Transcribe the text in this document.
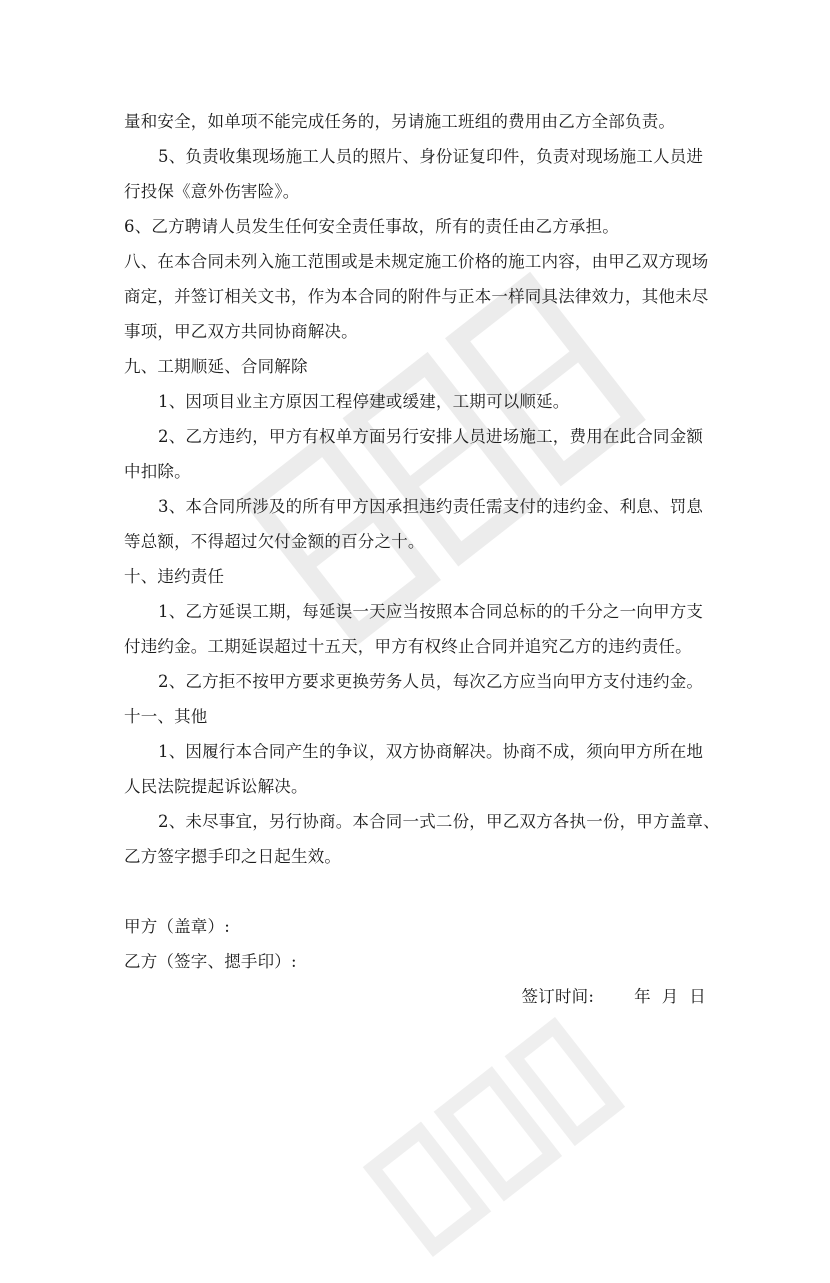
量和安全，如单项不能完成任务的，另请施工班组的费用由乙方全部负责。
5、负责收集现场施工人员的照片、身份证复印件，负责对现场施工人员进
行投保《意外伤害险》。
6、乙方聘请人员发生任何安全责任事故，所有的责任由乙方承担。
八、在本合同未列入施工范围或是未规定施工价格的施工内容，由甲乙双方现场
商定，并签订相关文书，作为本合同的附件与正本一样同具法律效力，其他未尽
事项，甲乙双方共同协商解决。
九、工期顺延、合同解除
1、因项目业主方原因工程停建或缓建，工期可以顺延。
2、乙方违约，甲方有权单方面另行安排人员进场施工，费用在此合同金额
中扣除。
3、本合同所涉及的所有甲方因承担违约责任需支付的违约金、利息、罚息
等总额，不得超过欠付金额的百分之十。
十、违约责任
1、乙方延误工期，每延误一天应当按照本合同总标的的千分之一向甲方支
付违约金。工期延误超过十五天，甲方有权终止合同并追究乙方的违约责任。
2、乙方拒不按甲方要求更换劳务人员，每次乙方应当向甲方支付违约金。
十一、其他
1、因履行本合同产生的争议，双方协商解决。协商不成，须向甲方所在地
人民法院提起诉讼解决。
2、未尽事宜，另行协商。本合同一式二份，甲乙双方各执一份，甲方盖章、
乙方签字摁手印之日起生效。
甲方（盖章）:
乙方（签字、摁手印）:
签订时间: 年  月  日
